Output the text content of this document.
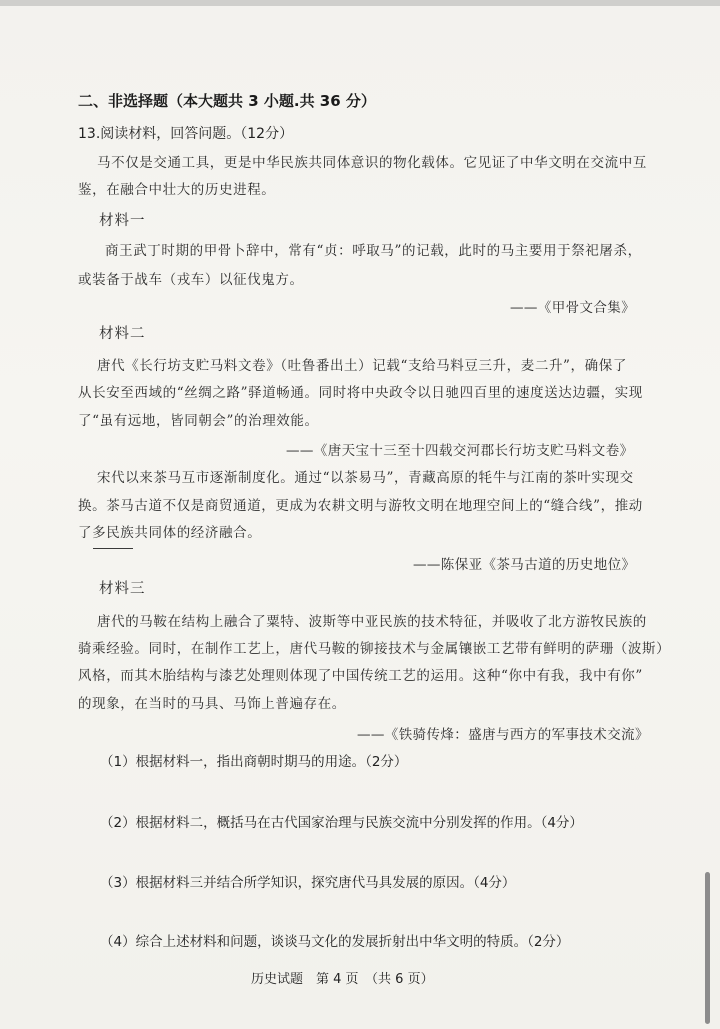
二、非选择题（本大题共 3 小题.共 36 分）
13.阅读材料，回答问题。（12分）
马不仅是交通工具，更是中华民族共同体意识的物化载体。它见证了中华文明在交流中互
鉴，在融合中壮大的历史进程。
材料一
商王武丁时期的甲骨卜辞中，常有“贞：呼取马”的记载，此时的马主要用于祭祀屠杀，
或装备于战车（戎车）以征伐鬼方。
——《甲骨文合集》
材料二
唐代《长行坊支贮马料文卷》（吐鲁番出土）记载“支给马料豆三升，麦二升”，确保了
从长安至西域的“丝绸之路”驿道畅通。同时将中央政令以日驰四百里的速度送达边疆，实现
了“虽有远地，皆同朝会”的治理效能。
——《唐天宝十三至十四载交河郡长行坊支贮马料文卷》
宋代以来茶马互市逐渐制度化。通过“以茶易马”，青藏高原的牦牛与江南的茶叶实现交
换。茶马古道不仅是商贸通道，更成为农耕文明与游牧文明在地理空间上的“缝合线”，推动
了多民族共同体的经济融合。
——陈保亚《茶马古道的历史地位》
材料三
唐代的马鞍在结构上融合了粟特、波斯等中亚民族的技术特征，并吸收了北方游牧民族的
骑乘经验。同时，在制作工艺上，唐代马鞍的铆接技术与金属镶嵌工艺带有鲜明的萨珊（波斯）
风格，而其木胎结构与漆艺处理则体现了中国传统工艺的运用。这种“你中有我，我中有你”
的现象，在当时的马具、马饰上普遍存在。
——《铁骑传烽：盛唐与西方的军事技术交流》
（1）根据材料一，指出商朝时期马的用途。（2分）
（2）根据材料二，概括马在古代国家治理与民族交流中分别发挥的作用。（4分）
（3）根据材料三并结合所学知识，探究唐代马具发展的原因。（4分）
（4）综合上述材料和问题，谈谈马文化的发展折射出中华文明的特质。（2分）
历史试题　第 4 页　（共 6 页）
